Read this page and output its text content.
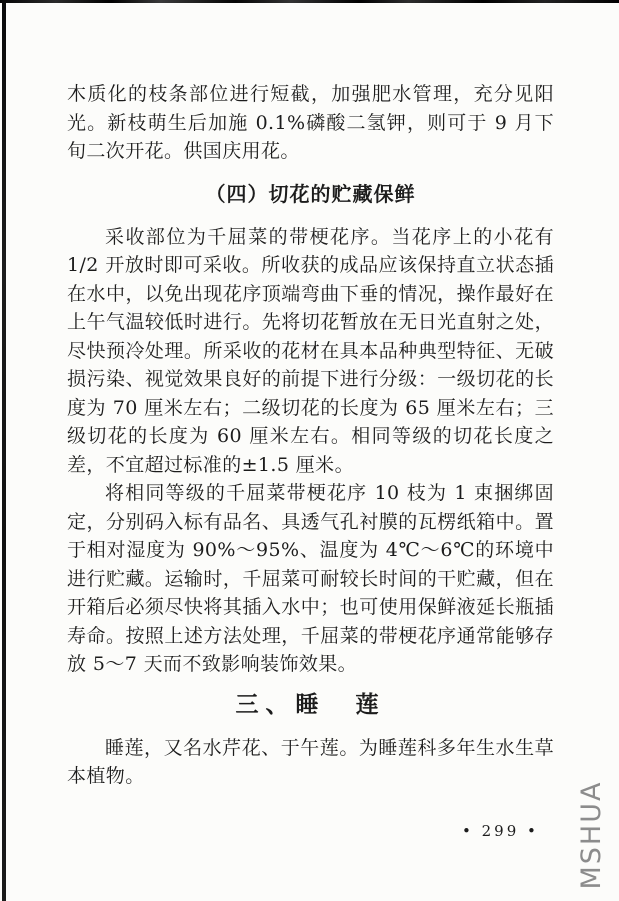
木质化的枝条部位进行短截，加强肥水管理，充分见阳光。新枝萌生后加施 0.1%磷酸二氢钾，则可于 9 月下旬二次开花。供国庆用花。

（四）切花的贮藏保鲜

采收部位为千屈菜的带梗花序。当花序上的小花有 1/2 开放时即可采收。所收获的成品应该保持直立状态插在水中，以免出现花序顶端弯曲下垂的情况，操作最好在上午气温较低时进行。先将切花暂放在无日光直射之处，尽快预冷处理。所采收的花材在具本品种典型特征、无破损污染、视觉效果良好的前提下进行分级：一级切花的长度为 70 厘米左右；二级切花的长度为 65 厘米左右；三级切花的长度为 60 厘米左右。相同等级的切花长度之差，不宜超过标准的±1.5 厘米。

将相同等级的千屈菜带梗花序 10 枝为 1 束捆绑固定，分别码入标有品名、具透气孔衬膜的瓦楞纸箱中。置于相对湿度为 90%～95%、温度为 4℃～6℃的环境中进行贮藏。运输时，千屈菜可耐较长时间的干贮藏，但在开箱后必须尽快将其插入水中；也可使用保鲜液延长瓶插寿命。按照上述方法处理，千屈菜的带梗花序通常能够存放 5～7 天而不致影响装饰效果。

三、睡　莲

睡莲，又名水芹花、于午莲。为睡莲科多年生水生草本植物。

• 299 • MSHUA
